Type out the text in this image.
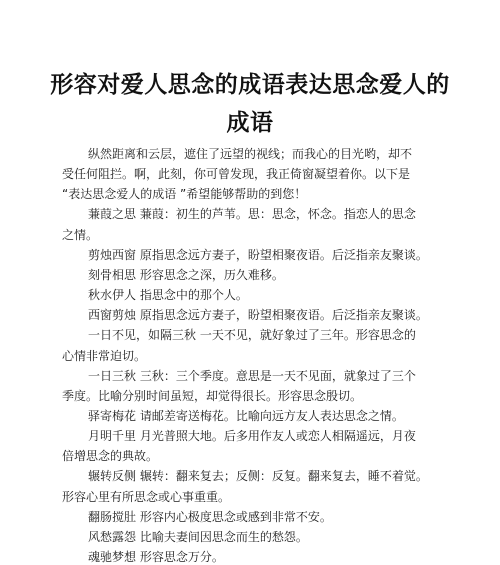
形容对爱人思念的成语表达思念爱人的
成语
纵然距离和云层，遮住了远望的视线；而我心的目光哟，却不
受任何阻拦。啊，此刻，你可曾发现，我正倚窗凝望着你。以下是
“表达思念爱人的成语 ”希望能够帮助的到您！
蒹葭之思 蒹葭：初生的芦苇。思：思念，怀念。指恋人的思念
之情。
剪烛西窗 原指思念远方妻子，盼望相聚夜语。后泛指亲友聚谈。
刻骨相思 形容思念之深，历久难移。
秋水伊人 指思念中的那个人。
西窗剪烛 原指思念远方妻子，盼望相聚夜语。后泛指亲友聚谈。
一日不见，如隔三秋 一天不见，就好象过了三年。形容思念的
心情非常迫切。
一日三秋 三秋：三个季度。意思是一天不见面，就象过了三个
季度。比喻分别时间虽短，却觉得很长。形容思念殷切。
驿寄梅花 请邮差寄送梅花。比喻向远方友人表达思念之情。
月明千里 月光普照大地。后多用作友人或恋人相隔遥远，月夜
倍增思念的典故。
辗转反侧 辗转：翻来复去；反侧：反复。翻来复去，睡不着觉。
形容心里有所思念或心事重重。
翻肠搅肚 形容内心极度思念或感到非常不安。
风愁露怨 比喻夫妻间因思念而生的愁怨。
魂驰梦想 形容思念万分。
